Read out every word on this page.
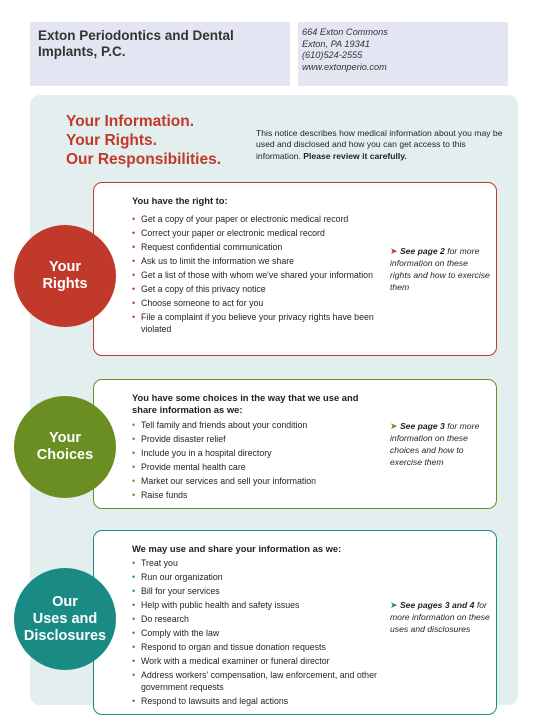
Exton Periodontics and Dental
Implants, P.C.
664 Exton Commons
Exton, PA 19341
(610)524-2555
www.extonperio.com
Your Information.
Your Rights.
Our Responsibilities.
This notice describes how medical information about you may be used and disclosed and how you can get access to this information. Please review it carefully.
You have the right to:
• Get a copy of your paper or electronic medical record
• Correct your paper or electronic medical record
• Request confidential communication
• Ask us to limit the information we share
• Get a list of those with whom we've shared your information
• Get a copy of this privacy notice
• Choose someone to act for you
• File a complaint if you believe your privacy rights have been violated
➤ See page 2 for more information on these rights and how to exercise them
You have some choices in the way that we use and share information as we:
• Tell family and friends about your condition
• Provide disaster relief
• Include you in a hospital directory
• Provide mental health care
• Market our services and sell your information
• Raise funds
➤ See page 3 for more information on these choices and how to exercise them
We may use and share your information as we:
• Treat you
• Run our organization
• Bill for your services
• Help with public health and safety issues
• Do research
• Comply with the law
• Respond to organ and tissue donation requests
• Work with a medical examiner or funeral director
• Address workers' compensation, law enforcement, and other government requests
• Respond to lawsuits and legal actions
➤ See pages 3 and 4 for more information on these uses and disclosures
Your
Rights
Your
Choices
Our
Uses and
Disclosures
